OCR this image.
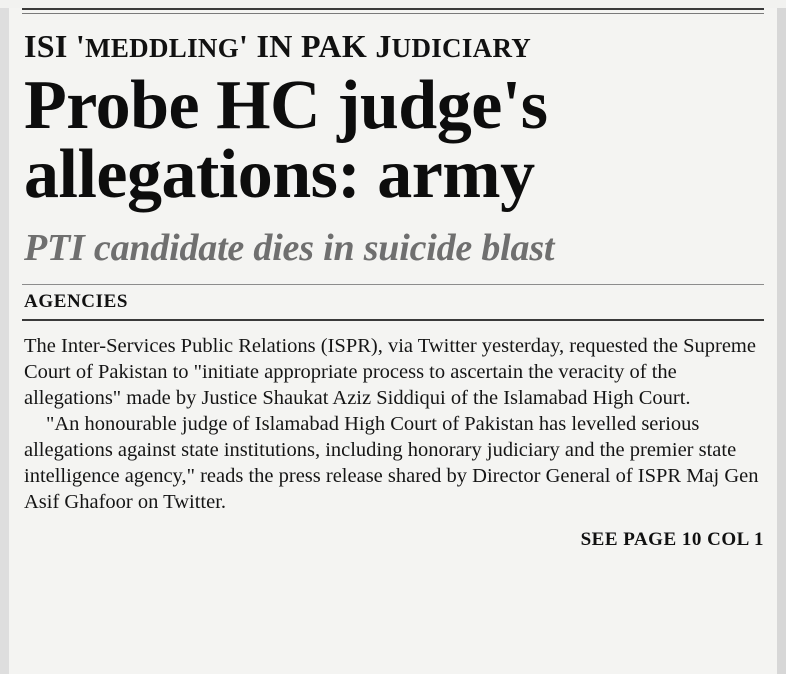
ISI 'MEDDLING' IN PAK JUDICIARY
Probe HC judge's
allegations: army
PTI candidate dies in suicide blast
AGENCIES

The Inter-Services Public Relations (ISPR), via Twitter yesterday, requested the Supreme Court of Pakistan to "initiate appropriate process to ascertain the veracity of the allegations" made by Justice Shaukat Aziz Siddiqui of the Islamabad High Court.

"An honourable judge of Islamabad High Court of Pakistan has levelled serious allegations against state institutions, including honorary judiciary and the premier state intelligence agency," reads the press release shared by Director General of ISPR Maj Gen Asif Ghafoor on Twitter.

SEE PAGE 10 COL 1
